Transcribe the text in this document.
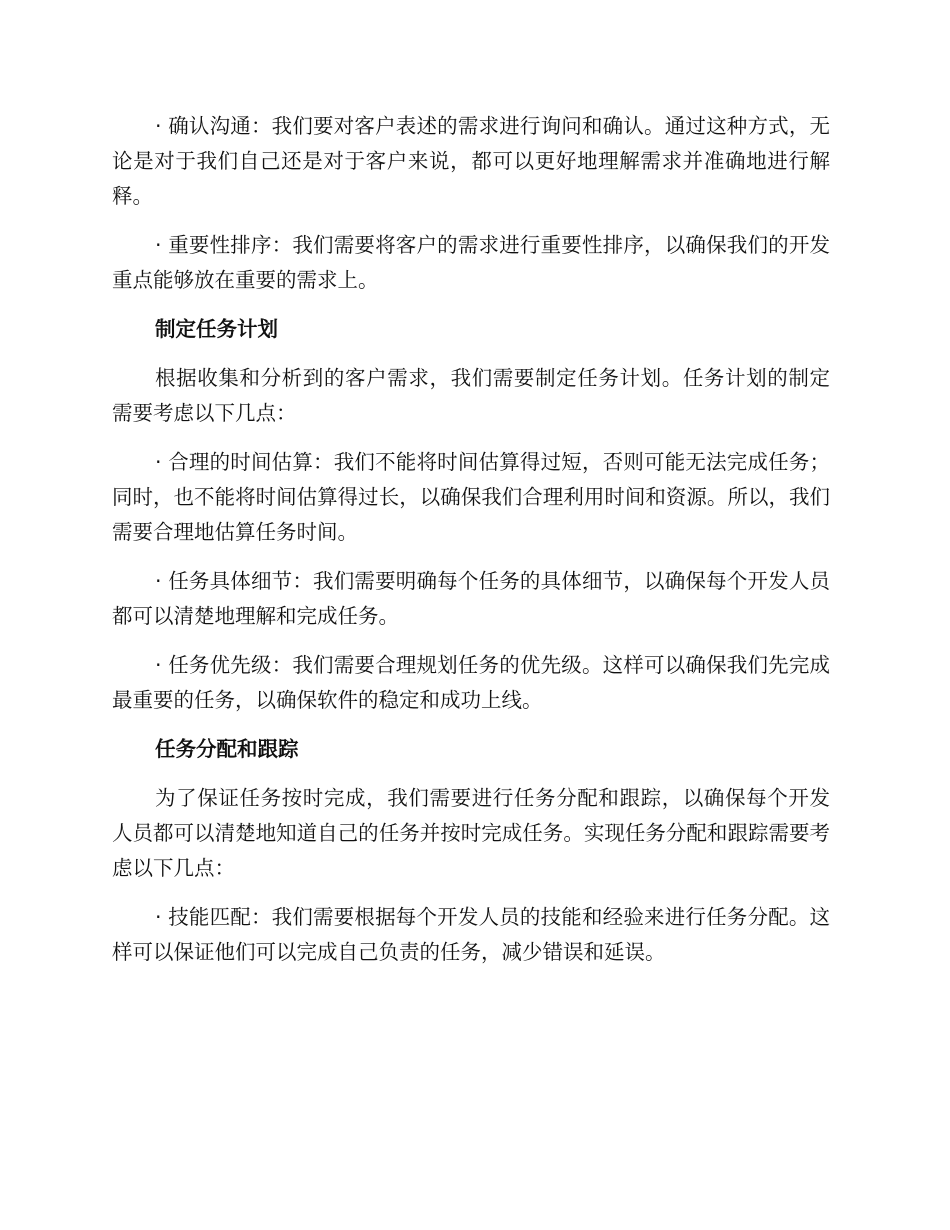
· 确认沟通：我们要对客户表述的需求进行询问和确认。通过这种方式，无论是对于我们自己还是对于客户来说，都可以更好地理解需求并准确地进行解释。

· 重要性排序：我们需要将客户的需求进行重要性排序，以确保我们的开发重点能够放在重要的需求上。

制定任务计划

根据收集和分析到的客户需求，我们需要制定任务计划。任务计划的制定需要考虑以下几点：

· 合理的时间估算：我们不能将时间估算得过短，否则可能无法完成任务；同时，也不能将时间估算得过长，以确保我们合理利用时间和资源。所以，我们需要合理地估算任务时间。

· 任务具体细节：我们需要明确每个任务的具体细节，以确保每个开发人员都可以清楚地理解和完成任务。

· 任务优先级：我们需要合理规划任务的优先级。这样可以确保我们先完成最重要的任务，以确保软件的稳定和成功上线。

任务分配和跟踪

为了保证任务按时完成，我们需要进行任务分配和跟踪，以确保每个开发人员都可以清楚地知道自己的任务并按时完成任务。实现任务分配和跟踪需要考虑以下几点：

· 技能匹配：我们需要根据每个开发人员的技能和经验来进行任务分配。这样可以保证他们可以完成自己负责的任务，减少错误和延误。
